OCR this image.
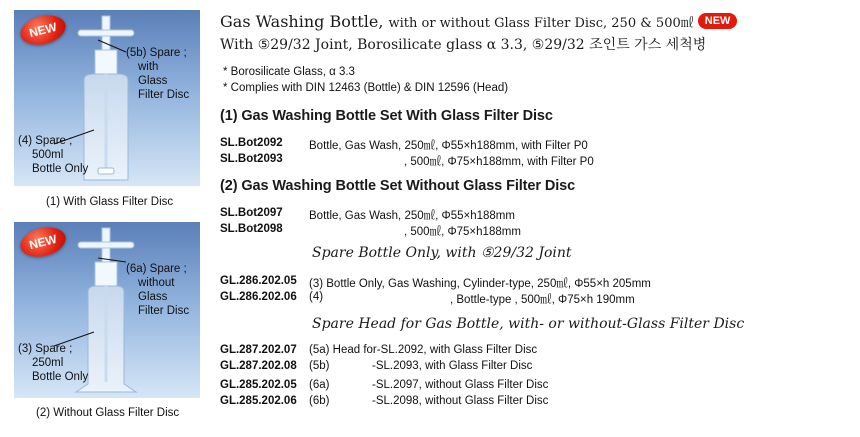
NEW
(5b) Spare ;
with
Glass
Filter Disc
(4) Spare ;
500ml
Bottle Only
(1) With Glass Filter Disc
NEW
(6a) Spare ;
without
Glass
Filter Disc
(3) Spare ;
250ml
Bottle Only
(2) Without Glass Filter Disc
Gas Washing Bottle, with or without Glass Filter Disc, 250 & 500㎖ NEW
With ⑤29/32 Joint, Borosilicate glass α 3.3, ⑤29/32 조인트 가스 세척병
* Borosilicate Glass, α 3.3
* Complies with DIN 12463 (Bottle) & DIN 12596 (Head)
(1) Gas Washing Bottle Set With Glass Filter Disc
SL.Bot2092 Bottle, Gas Wash, 250㎖, Φ55×h188mm, with Filter P0
SL.Bot2093	, 500㎖, Φ75×h188mm, with Filter P0
(2) Gas Washing Bottle Set Without Glass Filter Disc
SL.Bot2097 Bottle, Gas Wash, 250㎖, Φ55×h188mm
SL.Bot2098	, 500㎖, Φ75×h188mm
Spare Bottle Only, with ⑤29/32 Joint
GL.286.202.05 (3) Bottle Only, Gas Washing, Cylinder-type, 250㎖, Φ55×h 205mm
GL.286.202.06 (4)	, Bottle-type , 500㎖, Φ75×h 190mm
Spare Head for Gas Bottle, with- or without-Glass Filter Disc
GL.287.202.07 (5a) Head for-SL.2092, with Glass Filter Disc
GL.287.202.08 (5b)	-SL.2093, with Glass Filter Disc
GL.285.202.05 (6a)	-SL.2097, without Glass Filter Disc
GL.285.202.06 (6b)	-SL.2098, without Glass Filter Disc
